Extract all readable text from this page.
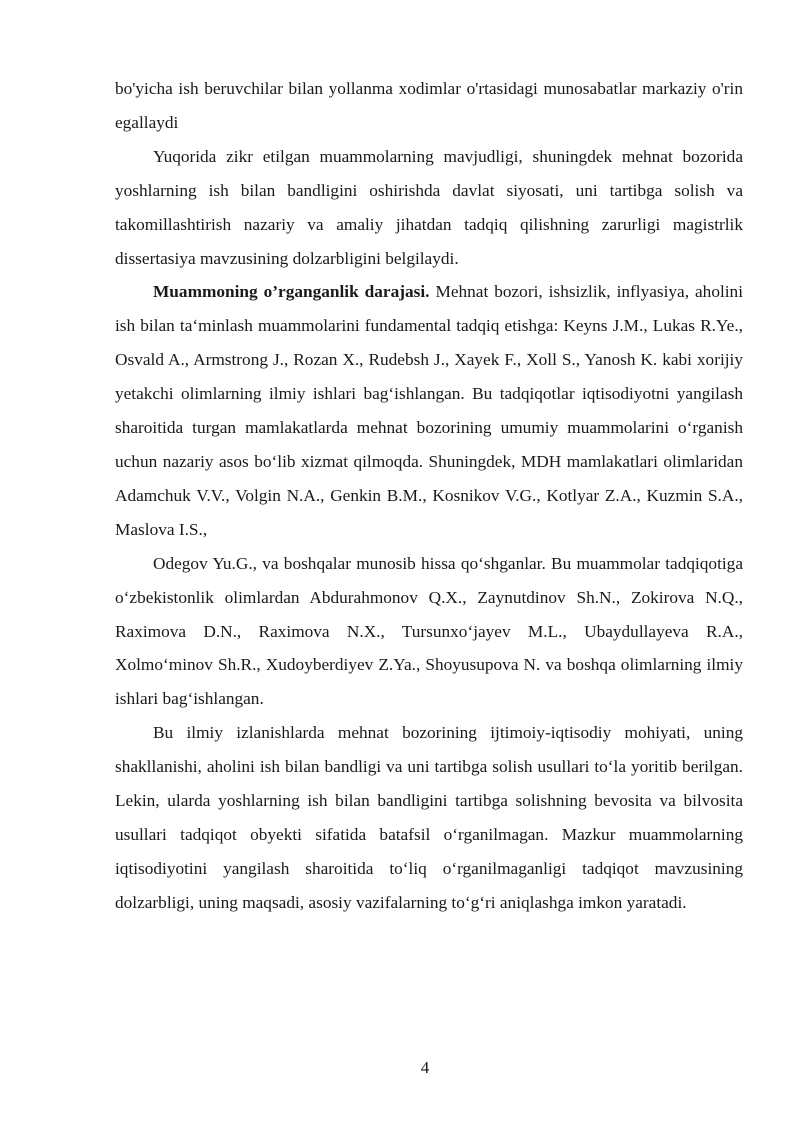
bo'yicha ish beruvchilar bilan yollanma xodimlar o'rtasidagi munosabatlar markaziy o'rin egallaydi

Yuqorida zikr etilgan muammolarning mavjudligi, shuningdek mehnat bozorida yoshlarning ish bilan bandligini oshirishda davlat siyosati, uni tartibga solish va takomillashtirish nazariy va amaliy jihatdan tadqiq qilishning zarurligi magistrlik dissertasiya mavzusining dolzarbligini belgilaydi.

Muammoning o’rganganlik darajasi. Mehnat bozori, ishsizlik, inflyasiya, aholini ish bilan ta‘minlash muammolarini fundamental tadqiq etishga: Keyns J.M., Lukas R.Ye., Osvald A., Armstrong J., Rozan X., Rudebsh J., Xayek F., Xoll S., Yanosh K. kabi xorijiy yetakchi olimlarning ilmiy ishlari bag‘ishlangan. Bu tadqiqotlar iqtisodiyotni yangilash sharoitida turgan mamlakatlarda mehnat bozorining umumiy muammolarini o‘rganish uchun nazariy asos bo‘lib xizmat qilmoqda. Shuningdek, MDH mamlakatlari olimlaridan Adamchuk V.V., Volgin N.A., Genkin B.M., Kosnikov V.G., Kotlyar Z.A., Kuzmin S.A., Maslova I.S.,

Odegov Yu.G., va boshqalar munosib hissa qo‘shganlar. Bu muammolar tadqiqotiga o‘zbekistonlik olimlardan Abdurahmonov Q.X., Zaynutdinov Sh.N., Zokirova N.Q., Raximova D.N., Raximova N.X., Tursunxo‘jayev M.L., Ubaydullayeva R.A., Xolmo‘minov Sh.R., Xudoyberdiyev Z.Ya., Shoyusupova N. va boshqa olimlarning ilmiy ishlari bag‘ishlangan.

Bu ilmiy izlanishlarda mehnat bozorining ijtimoiy-iqtisodiy mohiyati, uning shakllanishi, aholini ish bilan bandligi va uni tartibga solish usullari to‘la yoritib berilgan. Lekin, ularda yoshlarning ish bilan bandligini tartibga solishning bevosita va bilvosita usullari tadqiqot obyekti sifatida batafsil o‘rganilmagan. Mazkur muammolarning iqtisodiyotini yangilash sharoitida to‘liq o‘rganilmaganligi tadqiqot mavzusining dolzarbligi, uning maqsadi, asosiy vazifalarning to‘g‘ri aniqlashga imkon yaratadi.

4
